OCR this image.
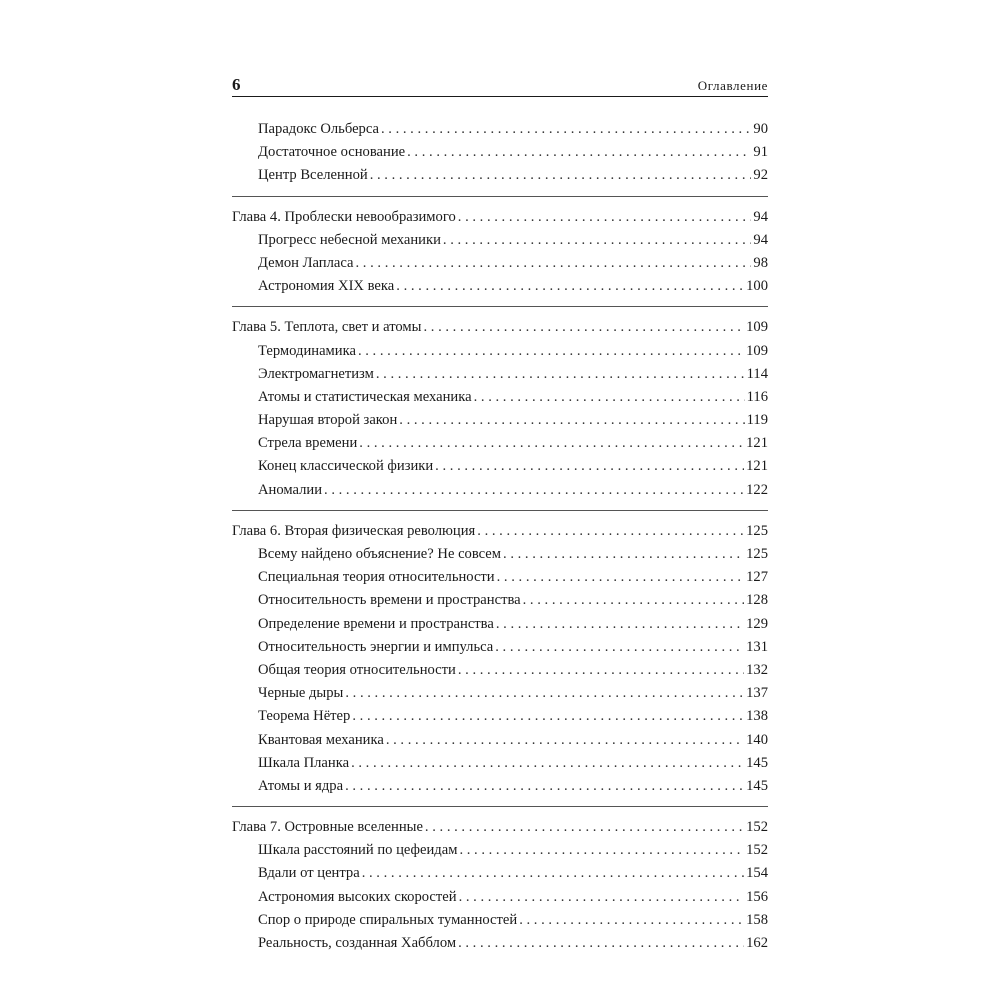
6	Оглавление
Парадокс Ольберса . . .	90
Достаточное основание . . .	91
Центр Вселенной . . .	92
Глава 4. Проблески невообразимого . . .	94
Прогресс небесной механики . . .	94
Демон Лапласа . . .	98
Астрономия XIX века . . .	100
Глава 5. Теплота, свет и атомы . . .	109
Термодинамика . . .	109
Электромагнетизм . . .	114
Атомы и статистическая механика . . .	116
Нарушая второй закон . . .	119
Стрела времени . . .	121
Конец классической физики . . .	121
Аномалии . . .	122
Глава 6. Вторая физическая революция . . .	125
Всему найдено объяснение? Не совсем . . .	125
Специальная теория относительности . . .	127
Относительность времени и пространства . . .	128
Определение времени и пространства . . .	129
Относительность энергии и импульса . . .	131
Общая теория относительности . . .	132
Черные дыры . . .	137
Теорема Нётер . . .	138
Квантовая механика . . .	140
Шкала Планка . . .	145
Атомы и ядра . . .	145
Глава 7. Островные вселенные . . .	152
Шкала расстояний по цефеидам . . .	152
Вдали от центра . . .	154
Астрономия высоких скоростей . . .	156
Спор о природе спиральных туманностей . . .	158
Реальность, созданная Хабблом . . .	162
